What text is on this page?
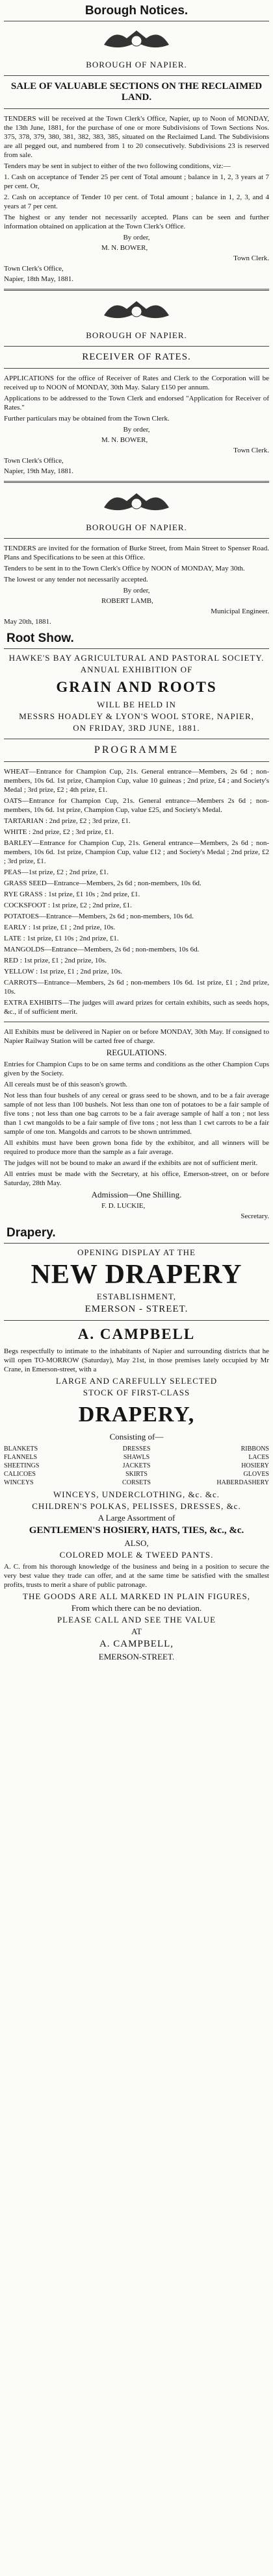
Borough Notices.
BOROUGH OF NAPIER.
SALE OF VALUABLE SECTIONS ON THE RECLAIMED LAND.

TENDERS will be received at the Town Clerk's Office, Napier, up to Noon of MONDAY, the 13th June, 1881, for the purchase of one or more Subdivisions of Town Sections Nos. 375, 378, 379, 380, 381, 382, 383, 385, situated on the Reclaimed Land. The Subdivisions are all pegged out, and numbered from 1 to 20 consecutively. Subdivisions 23 is reserved from sale.

Tenders may be sent in subject to either of the two following conditions, viz:—

1. Cash on acceptance of Tender 25 per cent of Total amount ; balance in 1, 2, 3 years at 7 per cent. Or,

2. Cash on acceptance of Tender 10 per cent. of Total amount ; balance in 1, 2, 3, and 4 years at 7 per cent.

The highest or any tender not necessarily accepted. Plans can be seen and further information obtained on application at the Town Clerk's Office.

By order,
M. N. BOWER,
Town Clerk.
Town Clerk's Office,
Napier, 18th May, 1881.
BOROUGH OF NAPIER.
RECEIVER OF RATES.

APPLICATIONS for the office of Receiver of Rates and Clerk to the Corporation will be received up to NOON of MONDAY, 30th May. Salary £150 per annum.

Applications to be addressed to the Town Clerk and endorsed "Application for Receiver of Rates."

Further particulars may be obtained from the Town Clerk.

By order,
M. N. BOWER,
Town Clerk.
Town Clerk's Office,
Napier, 19th May, 1881.
BOROUGH OF NAPIER.

TENDERS are invited for the formation of Burke Street, from Main Street to Spenser Road. Plans and Specifications to be seen at this Office.

Tenders to be sent in to the Town Clerk's Office by NOON of MONDAY, May 30th.

The lowest or any tender not necessarily accepted.

By order,
ROBERT LAMB,
Municipal Engineer.
May 20th, 1881.
Root Show.
HAWKE'S BAY AGRICULTURAL AND PASTORAL SOCIETY.
ANNUAL EXHIBITION OF
GRAIN AND ROOTS
WILL BE HELD IN
MESSRS HOADLEY & LYON'S WOOL STORE, NAPIER,
ON FRIDAY, 3RD JUNE, 1881.
PROGRAMME

WHEAT—Entrance for Champion Cup, 21s. General entrance—Members, 2s 6d ; non-members, 10s 6d. 1st prize, Champion Cup, value 10 guineas ; 2nd prize, £4 ; and Society's Medal ; 3rd prize, £2 ; 4th prize, £1.

OATS—Entrance for Champion Cup, 21s. General entrance—Members 2s 6d ; non-members, 10s 6d. 1st prize, Champion Cup, value £25, and Society's Medal.

TARTARIAN : 2nd prize, £2 ; 3rd prize, £1.

WHITE : 2nd prize, £2 ; 3rd prize, £1.

BARLEY—Entrance for Champion Cup, 21s. General entrance—Members, 2s 6d ; non-members, 10s 6d. 1st prize, Champion Cup, value £12 ; and Society's Medal ; 2nd prize, £2 ; 3rd prize, £1.

PEAS—1st prize, £2 ; 2nd prize, £1.

GRASS SEED—Entrance—Members, 2s 6d ; non-members, 10s 6d.

RYE GRASS : 1st prize, £1 10s ; 2nd prize, £1.

COCKSFOOT : 1st prize, £2 ; 2nd prize, £1.

POTATOES—Entrance—Members, 2s 6d ; non-members, 10s 6d.

EARLY : 1st prize, £1 ; 2nd prize, 10s.

LATE : 1st prize, £1 10s ; 2nd prize, £1.

MANGOLDS—Entrance—Members, 2s 6d ; non-members, 10s 6d.

RED : 1st prize, £1 ; 2nd prize, 10s.

YELLOW : 1st prize, £1 ; 2nd prize, 10s.

CARROTS—Entrance—Members, 2s 6d ; non-members 10s 6d. 1st prize, £1 ; 2nd prize, 10s.

EXTRA EXHIBITS—The judges will award prizes for certain exhibits, such as seeds hops, &c., if of sufficient merit.

All Exhibits must be delivered in Napier on or before MONDAY, 30th May. If consigned to Napier Railway Station will be carted free of charge.

REGULATIONS.

Entries for Champion Cups to be on same terms and conditions as the other Champion Cups given by the Society.

All cereals must be of this season's growth.

Not less than four bushels of any cereal or grass seed to be shown, and to be a fair average sample of not less than 100 bushels. Not less than one ton of potatoes to be a fair sample of five tons ; not less than one bag carrots to be a fair average sample of half a ton ; not less than 1 cwt mangolds to be a fair sample of five tons ; not less than 1 cwt carrots to be a fair sample of one ton. Mangolds and carrots to be shown untrimmed.

All exhibits must have been grown bona fide by the exhibitor, and all winners will be required to produce more than the sample as a fair average.

The judges will not be bound to make an award if the exhibits are not of sufficient merit.

All entries must be made with the Secretary, at his office, Emerson-street, on or before Saturday, 28th May.

Admission—One Shilling.
F. D. LUCKIE,
Secretary.
Drapery.
OPENING DISPLAY AT THE
NEW DRAPERY
ESTABLISHMENT,
EMERSON - STREET.
A. CAMPBELL

Begs respectfully to intimate to the inhabitants of Napier and surrounding districts that he will open TO-MORROW (Saturday), May 21st, in those premises lately occupied by Mr Crane, in Emerson-street, with a

LARGE AND CAREFULLY SELECTED
STOCK OF FIRST-CLASS
DRAPERY,
Consisting of—
BLANKETS
FLANNELS
SHEETINGS
CALICOES
WINCEYS
DRESSES
SHAWLS
JACKETS
SKIRTS
CORSETS
RIBBONS
LACES
HOSIERY
GLOVES
HABERDASHERY
WINCEYS, UNDERCLOTHING, &c. &c.
CHILDREN'S POLKAS, PELISSES, DRESSES, &c.
A Large Assortment of
GENTLEMEN'S HOSIERY, HATS, TIES, &c., &c.
ALSO,
COLORED MOLE & TWEED PANTS.

A. C. from his thorough knowledge of the business and being in a position to secure the very best value they trade can offer, and at the same time be satisfied with the smallest profits, trusts to merit a share of public patronage.

THE GOODS ARE ALL MARKED IN PLAIN FIGURES,
From which there can be no deviation.
PLEASE CALL AND SEE THE VALUE
AT
A. CAMPBELL,
EMERSON-STREET.
